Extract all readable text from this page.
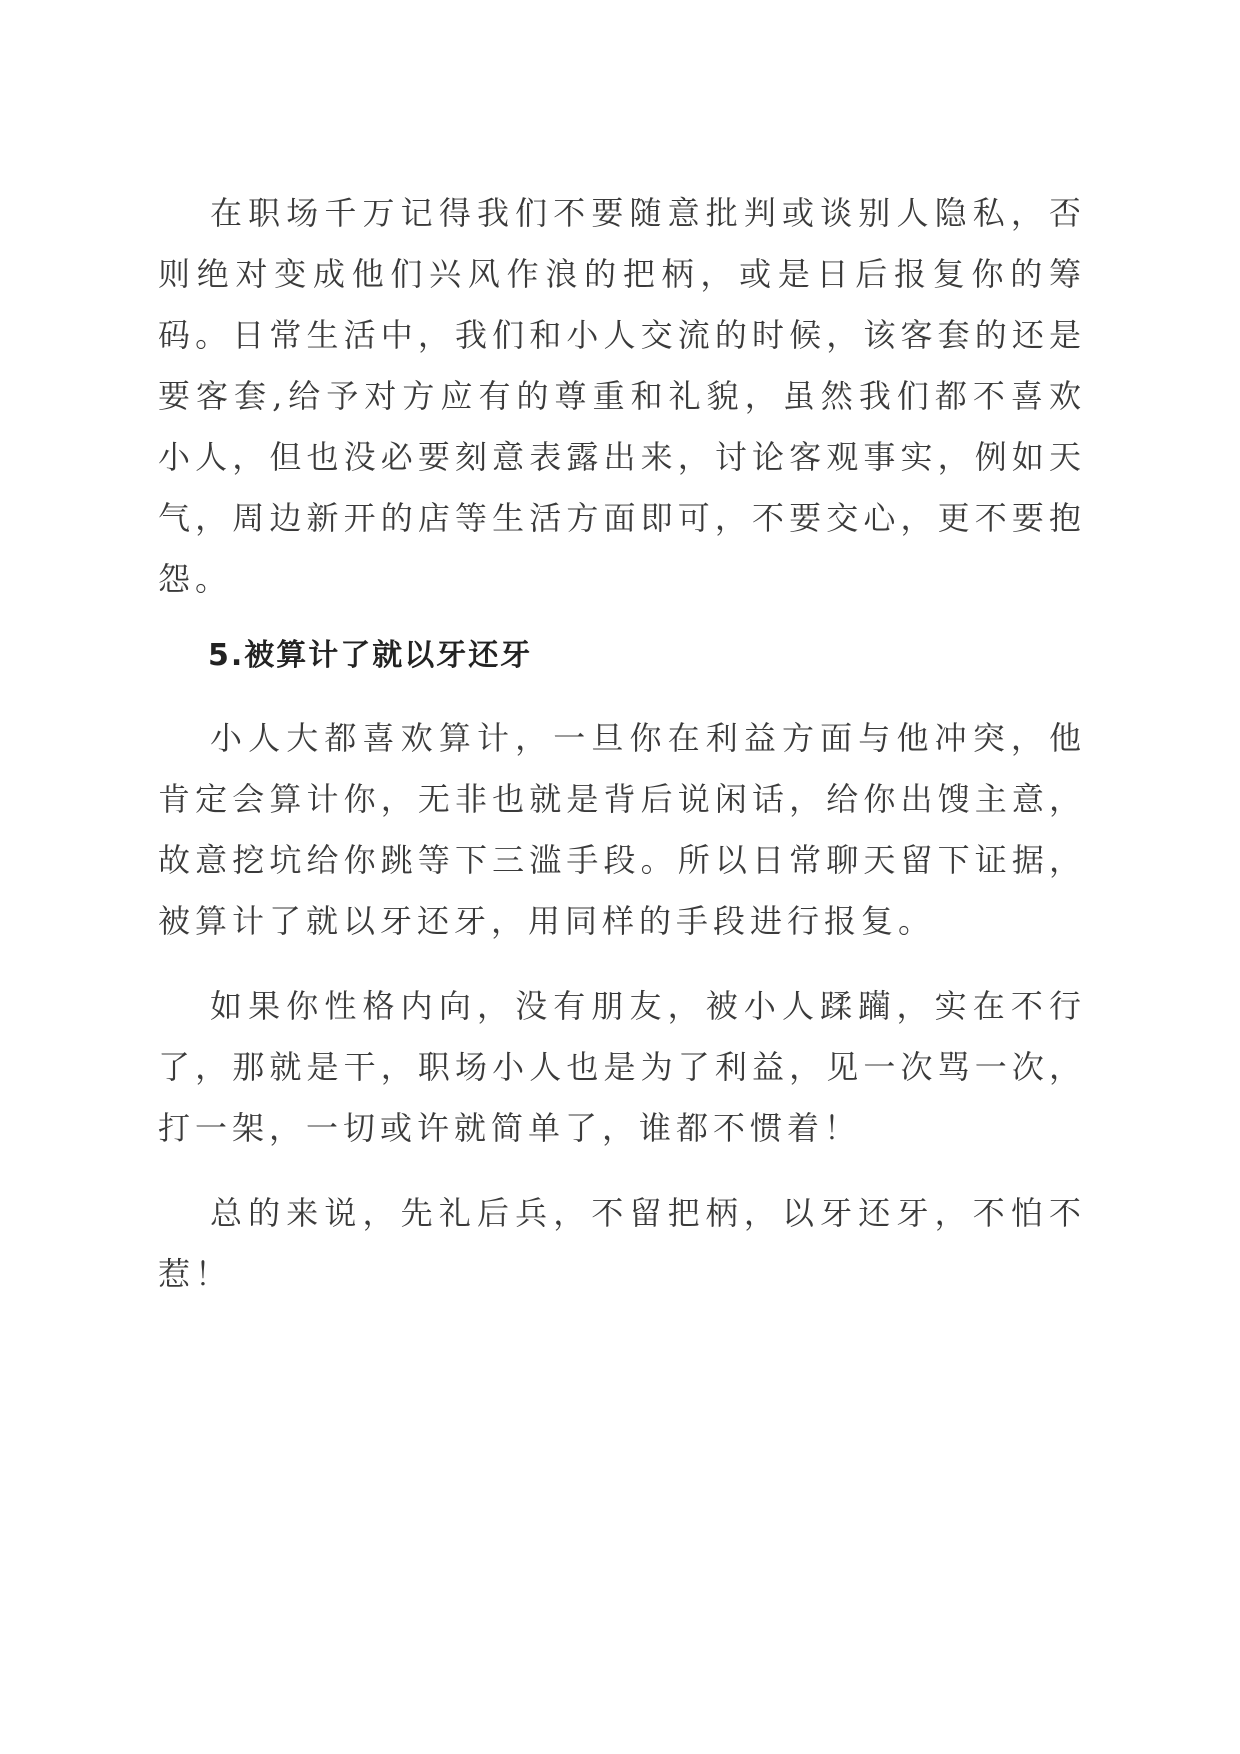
在职场千万记得我们不要随意批判或谈别人隐私，否则绝对变成他们兴风作浪的把柄，或是日后报复你的筹码。日常生活中，我们和小人交流的时候，该客套的还是要客套,给予对方应有的尊重和礼貌，虽然我们都不喜欢小人，但也没必要刻意表露出来，讨论客观事实，例如天气，周边新开的店等生活方面即可，不要交心，更不要抱怨。

5.被算计了就以牙还牙

小人大都喜欢算计，一旦你在利益方面与他冲突，他肯定会算计你，无非也就是背后说闲话，给你出馊主意，故意挖坑给你跳等下三滥手段。所以日常聊天留下证据，被算计了就以牙还牙，用同样的手段进行报复。

如果你性格内向，没有朋友，被小人蹂躏，实在不行了，那就是干，职场小人也是为了利益，见一次骂一次，打一架，一切或许就简单了，谁都不惯着！

总的来说，先礼后兵，不留把柄，以牙还牙，不怕不惹！
